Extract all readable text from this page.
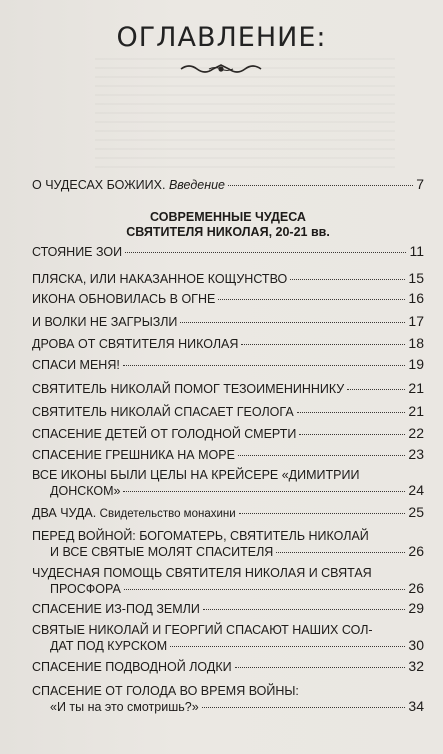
ОГЛАВЛЕНИЕ:
О ЧУДЕСАХ БОЖИИХ. Введение	7
СОВРЕМЕННЫЕ ЧУДЕСА
СВЯТИТЕЛЯ НИКОЛАЯ, 20-21 вв.
СТОЯНИЕ ЗОИ	11
ПЛЯСКА, ИЛИ НАКАЗАННОЕ КОЩУНСТВО	15
ИКОНА ОБНОВИЛАСЬ В ОГНЕ	16
И ВОЛКИ НЕ ЗАГРЫЗЛИ	17
ДРОВА ОТ СВЯТИТЕЛЯ НИКОЛАЯ	18
СПАСИ МЕНЯ!	19
СВЯТИТЕЛЬ НИКОЛАЙ ПОМОГ ТЕЗОИМЕНИННИКУ	21
СВЯТИТЕЛЬ НИКОЛАЙ СПАСАЕТ ГЕОЛОГА	21
СПАСЕНИЕ ДЕТЕЙ ОТ ГОЛОДНОЙ СМЕРТИ	22
СПАСЕНИЕ ГРЕШНИКА НА МОРЕ	23
ВСЕ ИКОНЫ БЫЛИ ЦЕЛЫ НА КРЕЙСЕРЕ «ДИМИТРИИ
ДОНСКОМ»	24
ДВА ЧУДА. Свидетельство монахини	25
ПЕРЕД ВОЙНОЙ: БОГОМАТЕРЬ, СВЯТИТЕЛЬ НИКОЛАЙ
И ВСЕ СВЯТЫЕ МОЛЯТ СПАСИТЕЛЯ	26
ЧУДЕСНАЯ ПОМОЩЬ СВЯТИТЕЛЯ НИКОЛАЯ И СВЯТАЯ
ПРОСФОРА	26
СПАСЕНИЕ ИЗ-ПОД ЗЕМЛИ	29
СВЯТЫЕ НИКОЛАЙ И ГЕОРГИЙ СПАСАЮТ НАШИХ СОЛ-
ДАТ ПОД КУРСКОМ	30
СПАСЕНИЕ ПОДВОДНОЙ ЛОДКИ	32
СПАСЕНИЕ ОТ ГОЛОДА ВО ВРЕМЯ ВОЙНЫ:
«И ты на это смотришь?»	34
